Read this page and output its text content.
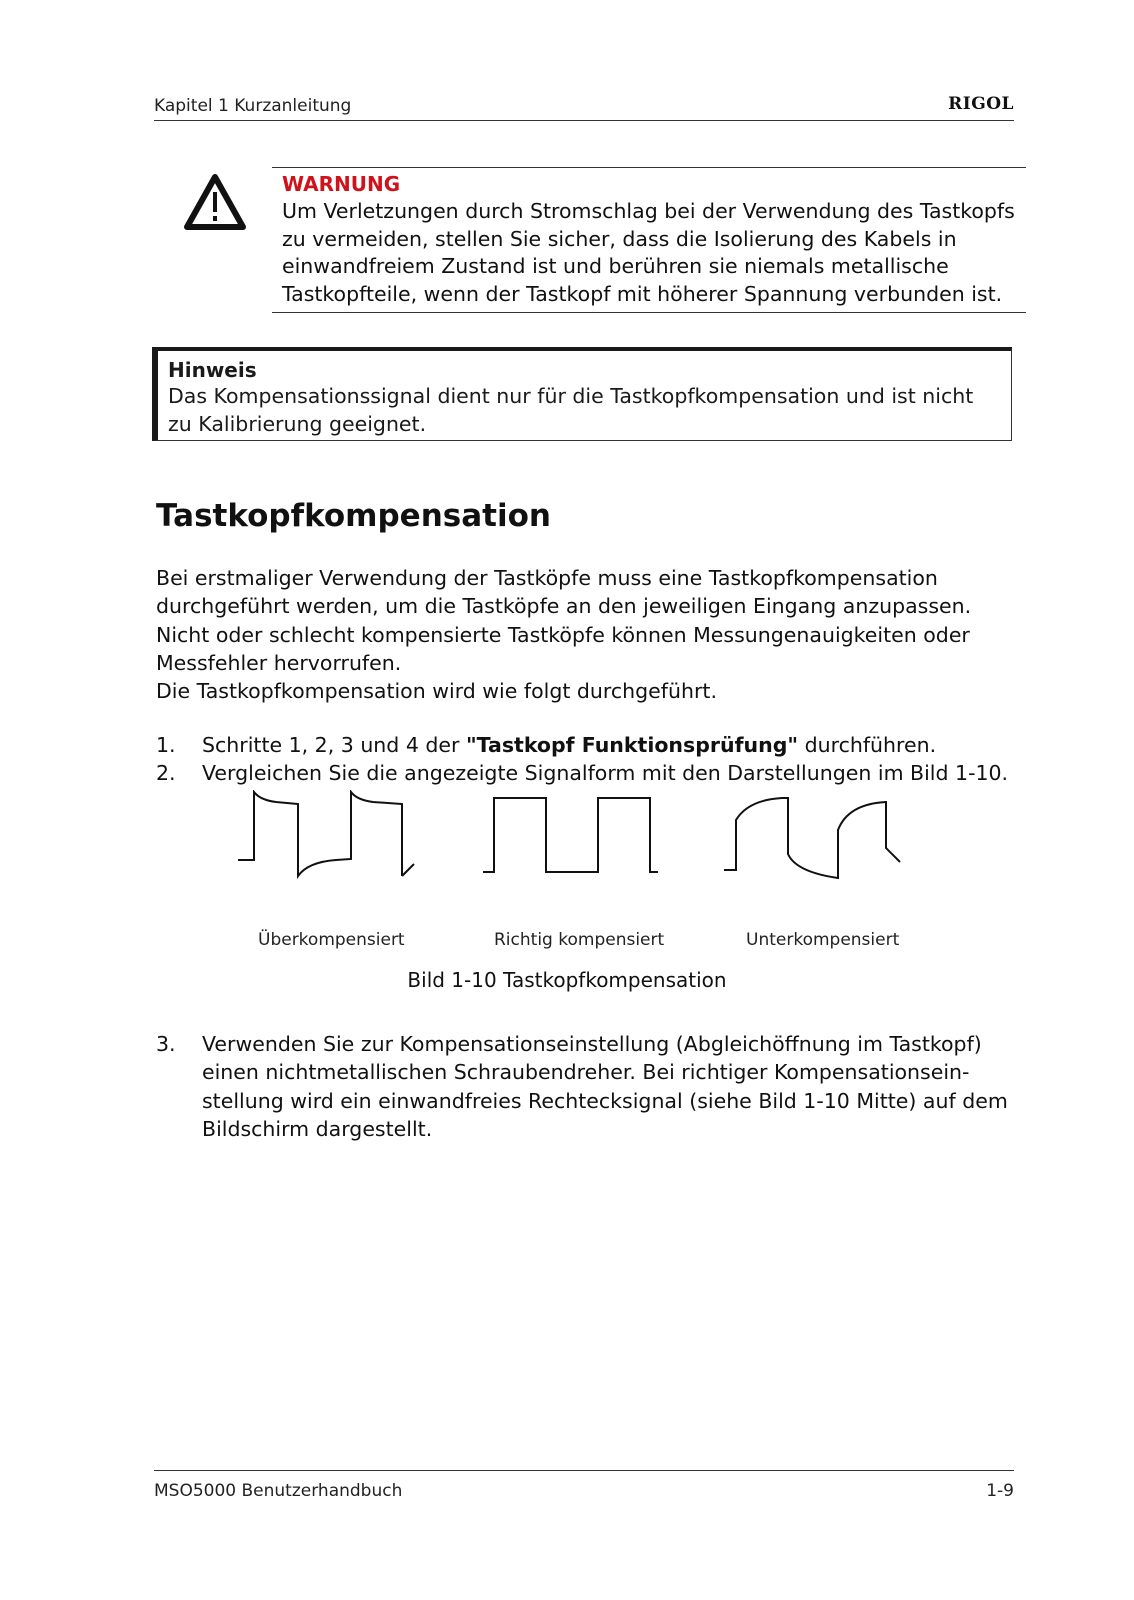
Kapitel 1 Kurzanleitung	RIGOL
WARNUNG
Um Verletzungen durch Stromschlag bei der Verwendung des Tastkopfs zu vermeiden, stellen Sie sicher, dass die Isolierung des Kabels in einwandfreiem Zustand ist und berühren sie niemals metallische Tastkopfteile, wenn der Tastkopf mit höherer Spannung verbunden ist.
Hinweis
Das Kompensationssignal dient nur für die Tastkopfkompensation und ist nicht zu Kalibrierung geeignet.
Tastkopfkompensation

Bei erstmaliger Verwendung der Tastköpfe muss eine Tastkopfkompensation durchgeführt werden, um die Tastköpfe an den jeweiligen Eingang anzupassen. Nicht oder schlecht kompensierte Tastköpfe können Messungenauigkeiten oder Messfehler hervorrufen.

Die Tastkopfkompensation wird wie folgt durchgeführt.

1. Schritte 1, 2, 3 und 4 der "Tastkopf Funktionsprüfung" durchführen.
2. Vergleichen Sie die angezeigte Signalform mit den Darstellungen im Bild 1-10.
Überkompensiert	Richtig kompensiert	Unterkompensiert
Bild 1-10 Tastkopfkompensation
3. Verwenden Sie zur Kompensationseinstellung (Abgleichöffnung im Tastkopf) einen nichtmetallischen Schraubendreher. Bei richtiger Kompensationseinstellung wird ein einwandfreies Rechtecksignal (siehe Bild 1-10 Mitte) auf dem Bildschirm dargestellt.
MSO5000 Benutzerhandbuch	1-9
